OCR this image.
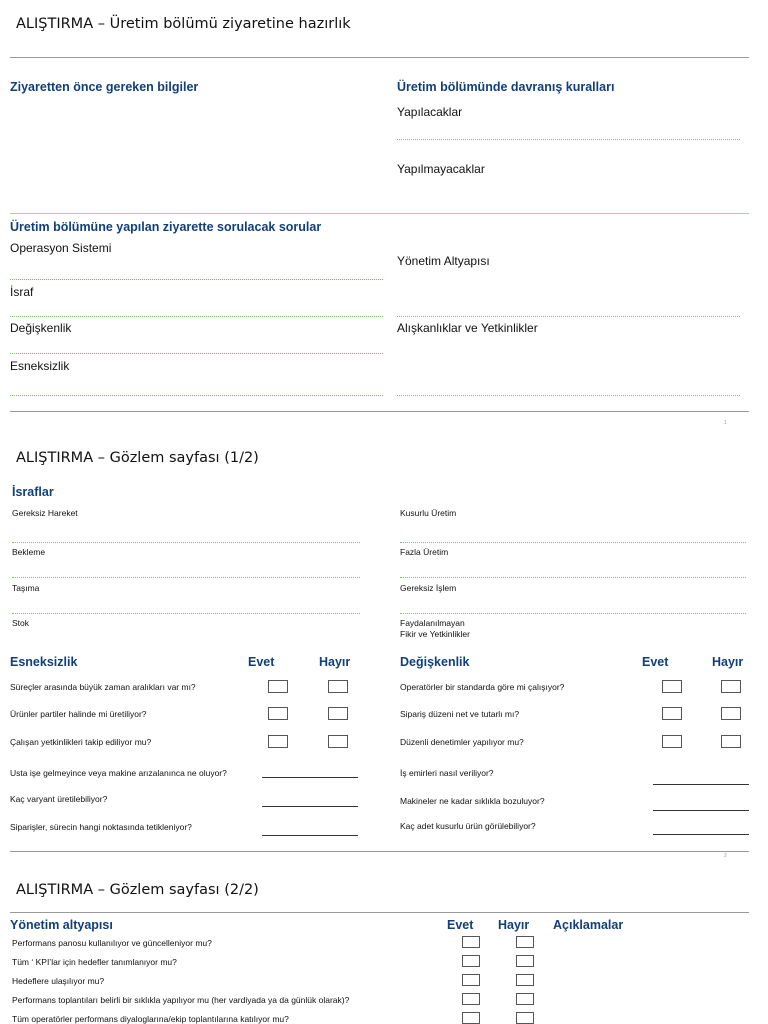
ALIŞTIRMA – Üretim bölümü ziyaretine hazırlık
Ziyaretten önce gereken bilgiler	Üretim bölümünde davranış kuralları
Yapılacaklar
Yapılmayacaklar
Üretim bölümüne yapılan ziyarette sorulacak sorular
Operasyon Sistemi
İsraf
Değişkenlik
Esneksizlik
Yönetim Altyapısı
Alışkanlıklar ve Yetkinlikler
1
ALIŞTIRMA – Gözlem sayfası (1/2)
İsraflar
Gereksiz Hareket
Bekleme
Taşıma
Stok
Kusurlu Üretim
Fazla Üretim
Gereksiz İşlem
Faydalanılmayan
Fikir ve Yetkinlikler
Esneksizlik	Evet	Hayır
Süreçler arasında büyük zaman aralıkları var mı?
Ürünler partiler halinde mi üretiliyor?
Çalışan yetkinlikleri takip ediliyor mu?
Usta işe gelmeyince veya makine arızalanınca ne oluyor?
Kaç varyant üretilebiliyor?
Siparişler, sürecin hangi noktasında tetikleniyor?
Değişkenlik	Evet	Hayır
Operatörler bir standarda göre mi çalışıyor?
Sipariş düzeni net ve tutarlı mı?
Düzenli denetimler yapılıyor mu?
İş emirleri nasıl veriliyor?
Makineler ne kadar sıklıkla bozuluyor?
Kaç adet kusurlu ürün görülebiliyor?
2
ALIŞTIRMA – Gözlem sayfası (2/2)
Yönetim altyapısı	Evet Hayır Açıklamalar
Performans panosu kullanılıyor ve güncelleniyor mu?
Tüm ‘ KPI’lar için hedefler tanımlanıyor mu?
Hedeflere ulaşılıyor mu?
Performans toplantıları belirli bir sıklıkla yapılıyor mu (her vardiyada ya da günlük olarak)?
Tüm operatörler performans diyaloglarına/ekip toplantılarına katılıyor mu?
